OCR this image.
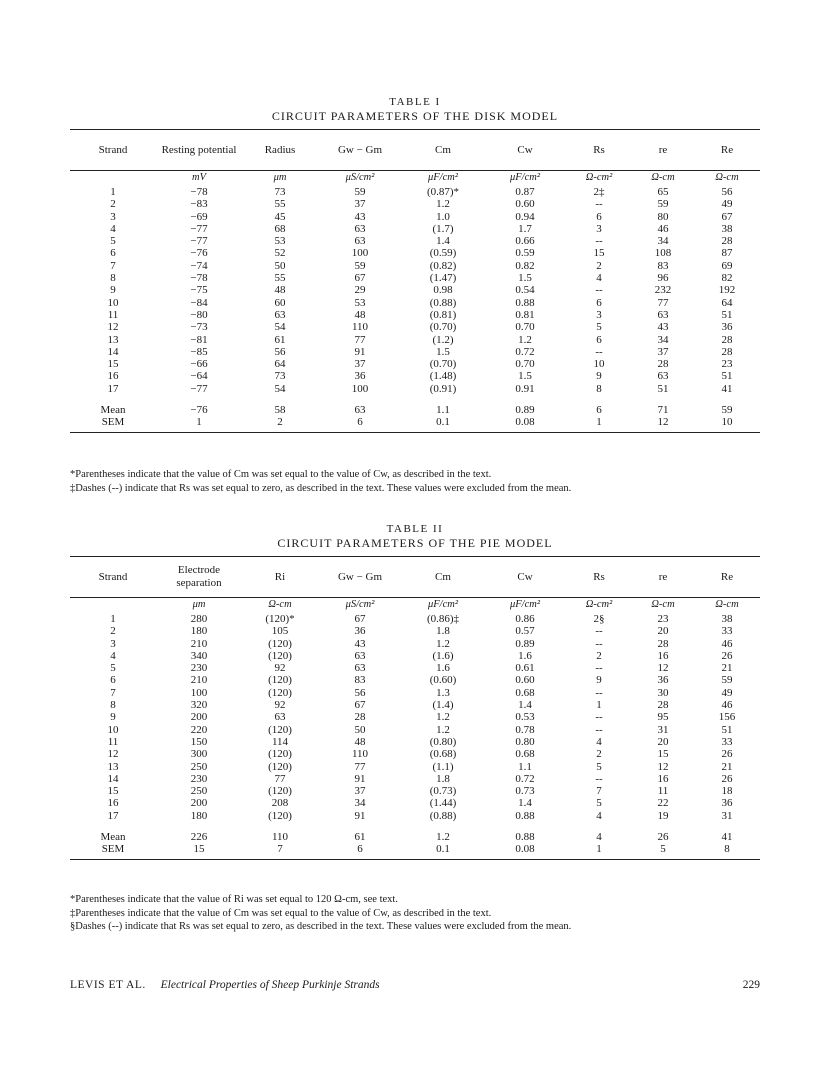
TABLE I
CIRCUIT PARAMETERS OF THE DISK MODEL
Strand	Resting potential	Radius	Gw − Gm	Cm	Cw	Rs	re	Re

	mV	μm	μS/cm²	μF/cm²	μF/cm²	Ω-cm²	Ω-cm	Ω-cm
1	−78	73	59	(0.87)*	0.87	2‡	65	56
2	−83	55	37	1.2	0.60	--	59	49
3	−69	45	43	1.0	0.94	6	80	67
4	−77	68	63	(1.7)	1.7	3	46	38
5	−77	53	63	1.4	0.66	--	34	28
6	−76	52	100	(0.59)	0.59	15	108	87
7	−74	50	59	(0.82)	0.82	2	83	69
8	−78	55	67	(1.47)	1.5	4	96	82
9	−75	48	29	0.98	0.54	--	232	192
10	−84	60	53	(0.88)	0.88	6	77	64
11	−80	63	48	(0.81)	0.81	3	63	51
12	−73	54	110	(0.70)	0.70	5	43	36
13	−81	61	77	(1.2)	1.2	6	34	28
14	−85	56	91	1.5	0.72	--	37	28
15	−66	64	37	(0.70)	0.70	10	28	23
16	−64	73	36	(1.48)	1.5	9	63	51
17	−77	54	100	(0.91)	0.91	8	51	41

Mean	−76	58	63	1.1	0.89	6	71	59
SEM	1	2	6	0.1	0.08	1	12	10
*Parentheses indicate that the value of Cm was set equal to the value of Cw, as described in the text.
‡Dashes (--) indicate that Rs was set equal to zero, as described in the text. These values were excluded from the mean.
TABLE II
CIRCUIT PARAMETERS OF THE PIE MODEL
Strand	Electrode separation	Ri	Gw − Gm	Cm	Cw	Rs	re	Re

	μm	Ω-cm	μS/cm²	μF/cm²	μF/cm²	Ω-cm²	Ω-cm	Ω-cm
1	280	(120)*	67	(0.86)‡	0.86	2§	23	38
2	180	105	36	1.8	0.57	--	20	33
3	210	(120)	43	1.2	0.89	--	28	46
4	340	(120)	63	(1.6)	1.6	2	16	26
5	230	92	63	1.6	0.61	--	12	21
6	210	(120)	83	(0.60)	0.60	9	36	59
7	100	(120)	56	1.3	0.68	--	30	49
8	320	92	67	(1.4)	1.4	1	28	46
9	200	63	28	1.2	0.53	--	95	156
10	220	(120)	50	1.2	0.78	--	31	51
11	150	114	48	(0.80)	0.80	4	20	33
12	300	(120)	110	(0.68)	0.68	2	15	26
13	250	(120)	77	(1.1)	1.1	5	12	21
14	230	77	91	1.8	0.72	--	16	26
15	250	(120)	37	(0.73)	0.73	7	11	18
16	200	208	34	(1.44)	1.4	5	22	36
17	180	(120)	91	(0.88)	0.88	4	19	31

Mean	226	110	61	1.2	0.88	4	26	41
SEM	15	7	6	0.1	0.08	1	5	8
*Parentheses indicate that the value of Ri was set equal to 120 Ω-cm, see text.
‡Parentheses indicate that the value of Cm was set equal to the value of Cw, as described in the text.
§Dashes (--) indicate that Rs was set equal to zero, as described in the text. These values were excluded from the mean.
LEVIS ET AL. Electrical Properties of Sheep Purkinje Strands	229
